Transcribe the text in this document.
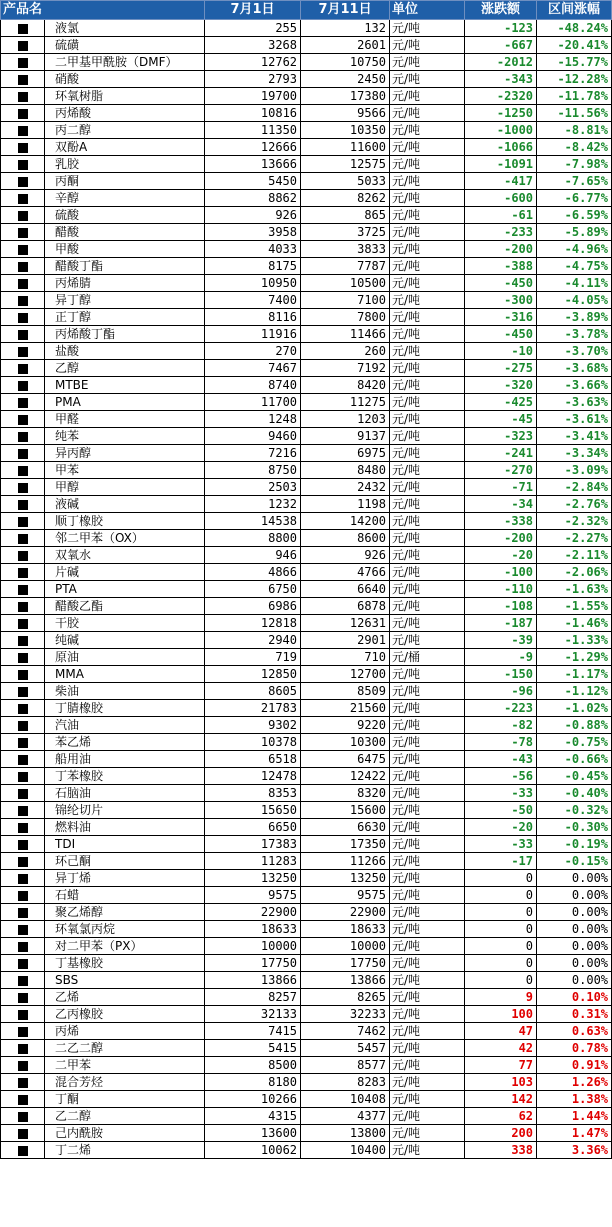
产品名		7月1日	7月11日	单位	涨跌额	区间涨幅
	液氯	255	132	元/吨	-123	-48.24%
	硫磺	3268	2601	元/吨	-667	-20.41%
	二甲基甲酰胺（DMF）	12762	10750	元/吨	-2012	-15.77%
	硝酸	2793	2450	元/吨	-343	-12.28%
	环氧树脂	19700	17380	元/吨	-2320	-11.78%
	丙烯酸	10816	9566	元/吨	-1250	-11.56%
	丙二醇	11350	10350	元/吨	-1000	-8.81%
	双酚A	12666	11600	元/吨	-1066	-8.42%
	乳胶	13666	12575	元/吨	-1091	-7.98%
	丙酮	5450	5033	元/吨	-417	-7.65%
	辛醇	8862	8262	元/吨	-600	-6.77%
	硫酸	926	865	元/吨	-61	-6.59%
	醋酸	3958	3725	元/吨	-233	-5.89%
	甲酸	4033	3833	元/吨	-200	-4.96%
	醋酸丁酯	8175	7787	元/吨	-388	-4.75%
	丙烯腈	10950	10500	元/吨	-450	-4.11%
	异丁醇	7400	7100	元/吨	-300	-4.05%
	正丁醇	8116	7800	元/吨	-316	-3.89%
	丙烯酸丁酯	11916	11466	元/吨	-450	-3.78%
	盐酸	270	260	元/吨	-10	-3.70%
	乙醇	7467	7192	元/吨	-275	-3.68%
	MTBE	8740	8420	元/吨	-320	-3.66%
	PMA	11700	11275	元/吨	-425	-3.63%
	甲醛	1248	1203	元/吨	-45	-3.61%
	纯苯	9460	9137	元/吨	-323	-3.41%
	异丙醇	7216	6975	元/吨	-241	-3.34%
	甲苯	8750	8480	元/吨	-270	-3.09%
	甲醇	2503	2432	元/吨	-71	-2.84%
	液碱	1232	1198	元/吨	-34	-2.76%
	顺丁橡胶	14538	14200	元/吨	-338	-2.32%
	邻二甲苯（OX）	8800	8600	元/吨	-200	-2.27%
	双氧水	946	926	元/吨	-20	-2.11%
	片碱	4866	4766	元/吨	-100	-2.06%
	PTA	6750	6640	元/吨	-110	-1.63%
	醋酸乙酯	6986	6878	元/吨	-108	-1.55%
	干胶	12818	12631	元/吨	-187	-1.46%
	纯碱	2940	2901	元/吨	-39	-1.33%
	原油	719	710	元/桶	-9	-1.29%
	MMA	12850	12700	元/吨	-150	-1.17%
	柴油	8605	8509	元/吨	-96	-1.12%
	丁腈橡胶	21783	21560	元/吨	-223	-1.02%
	汽油	9302	9220	元/吨	-82	-0.88%
	苯乙烯	10378	10300	元/吨	-78	-0.75%
	船用油	6518	6475	元/吨	-43	-0.66%
	丁苯橡胶	12478	12422	元/吨	-56	-0.45%
	石脑油	8353	8320	元/吨	-33	-0.40%
	锦纶切片	15650	15600	元/吨	-50	-0.32%
	燃料油	6650	6630	元/吨	-20	-0.30%
	TDI	17383	17350	元/吨	-33	-0.19%
	环己酮	11283	11266	元/吨	-17	-0.15%
	异丁烯	13250	13250	元/吨	0	0.00%
	石蜡	9575	9575	元/吨	0	0.00%
	聚乙烯醇	22900	22900	元/吨	0	0.00%
	环氧氯丙烷	18633	18633	元/吨	0	0.00%
	对二甲苯（PX）	10000	10000	元/吨	0	0.00%
	丁基橡胶	17750	17750	元/吨	0	0.00%
	SBS	13866	13866	元/吨	0	0.00%
	乙烯	8257	8265	元/吨	9	0.10%
	乙丙橡胶	32133	32233	元/吨	100	0.31%
	丙烯	7415	7462	元/吨	47	0.63%
	二乙二醇	5415	5457	元/吨	42	0.78%
	二甲苯	8500	8577	元/吨	77	0.91%
	混合芳烃	8180	8283	元/吨	103	1.26%
	丁酮	10266	10408	元/吨	142	1.38%
	乙二醇	4315	4377	元/吨	62	1.44%
	己内酰胺	13600	13800	元/吨	200	1.47%
	丁二烯	10062	10400	元/吨	338	3.36%
